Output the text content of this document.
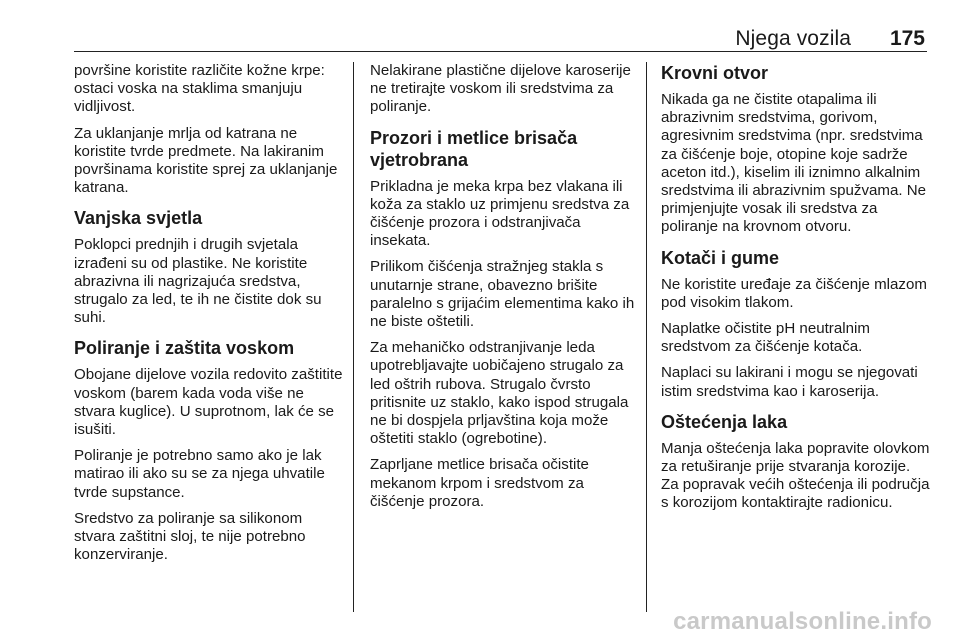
Njega vozila 175

površine koristite različite kožne krpe: ostaci voska na staklima smanjuju vidljivost.

Za uklanjanje mrlja od katrana ne koristite tvrde predmete. Na lakiranim površinama koristite sprej za uklanjanje katrana.

Vanjska svjetla

Poklopci prednjih i drugih svjetala izrađeni su od plastike. Ne koristite abrazivna ili nagrizajuća sredstva, strugalo za led, te ih ne čistite dok su suhi.

Poliranje i zaštita voskom

Obojane dijelove vozila redovito zaštitite voskom (barem kada voda više ne stvara kuglice). U suprotnom, lak će se isušiti.

Poliranje je potrebno samo ako je lak matirao ili ako su se za njega uhvatile tvrde supstance.

Sredstvo za poliranje sa silikonom stvara zaštitni sloj, te nije potrebno konzerviranje.

Nelakirane plastične dijelove karoserije ne tretirajte voskom ili sredstvima za poliranje.

Prozori i metlice brisača vjetrobrana

Prikladna je meka krpa bez vlakana ili koža za staklo uz primjenu sredstva za čišćenje prozora i odstranjivača insekata.

Prilikom čišćenja stražnjeg stakla s unutarnje strane, obavezno brišite paralelno s grijaćim elementima kako ih ne biste oštetili.

Za mehaničko odstranjivanje leda upotrebljavajte uobičajeno strugalo za led oštrih rubova. Strugalo čvrsto pritisnite uz staklo, kako ispod strugala ne bi dospjela prljavština koja može oštetiti staklo (ogrebotine).

Zaprljane metlice brisača očistite mekanom krpom i sredstvom za čišćenje prozora.

Krovni otvor

Nikada ga ne čistite otapalima ili abrazivnim sredstvima, gorivom, agresivnim sredstvima (npr. sredstvima za čišćenje boje, otopine koje sadrže aceton itd.), kiselim ili iznimno alkalnim sredstvima ili abrazivnim spužvama. Ne primjenjujte vosak ili sredstva za poliranje na krovnom otvoru.

Kotači i gume

Ne koristite uređaje za čišćenje mlazom pod visokim tlakom.

Naplatke očistite pH neutralnim sredstvom za čišćenje kotača.

Naplaci su lakirani i mogu se njegovati istim sredstvima kao i karoserija.

Oštećenja laka

Manja oštećenja laka popravite olovkom za retuširanje prije stvaranja korozije. Za popravak većih oštećenja ili područja s korozijom kontaktirajte radionicu.

carmanualsonline.info
